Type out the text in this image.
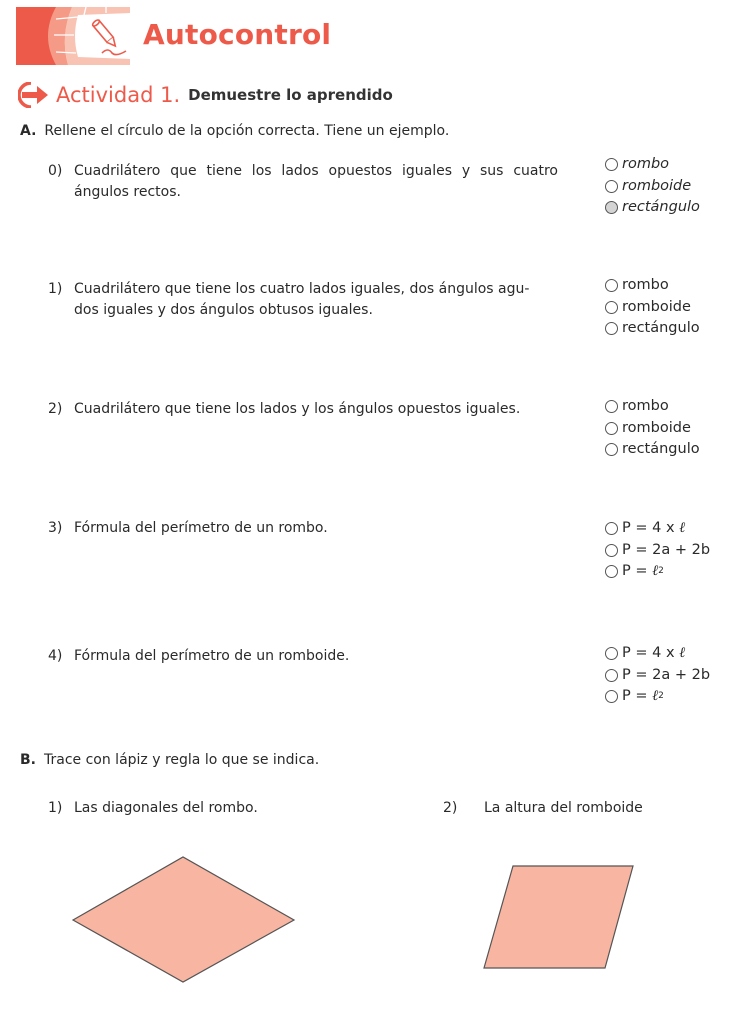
Autocontrol
Actividad 1. Demuestre lo aprendido
A. Rellene el círculo de la opción correcta. Tiene un ejemplo.
0) Cuadrilátero que tiene los lados opuestos iguales y sus cuatro ángulos rectos.
rombo
romboide
rectángulo
1) Cuadrilátero que tiene los cuatro lados iguales, dos ángulos agu-
dos iguales y dos ángulos obtusos iguales.
rombo
romboide
rectángulo
2) Cuadrilátero que tiene los lados y los ángulos opuestos iguales.	rombo
romboide
rectángulo
3) Fórmula del perímetro de un rombo.	P = 4 x ℓ
P = 2a + 2b
P = ℓ 2
4) Fórmula del perímetro de un romboide.	P = 4 x ℓ
P = 2a + 2b
P = ℓ 2
B. Trace con lápiz y regla lo que se indica.
1) Las diagonales del rombo.	2) La altura del romboide
